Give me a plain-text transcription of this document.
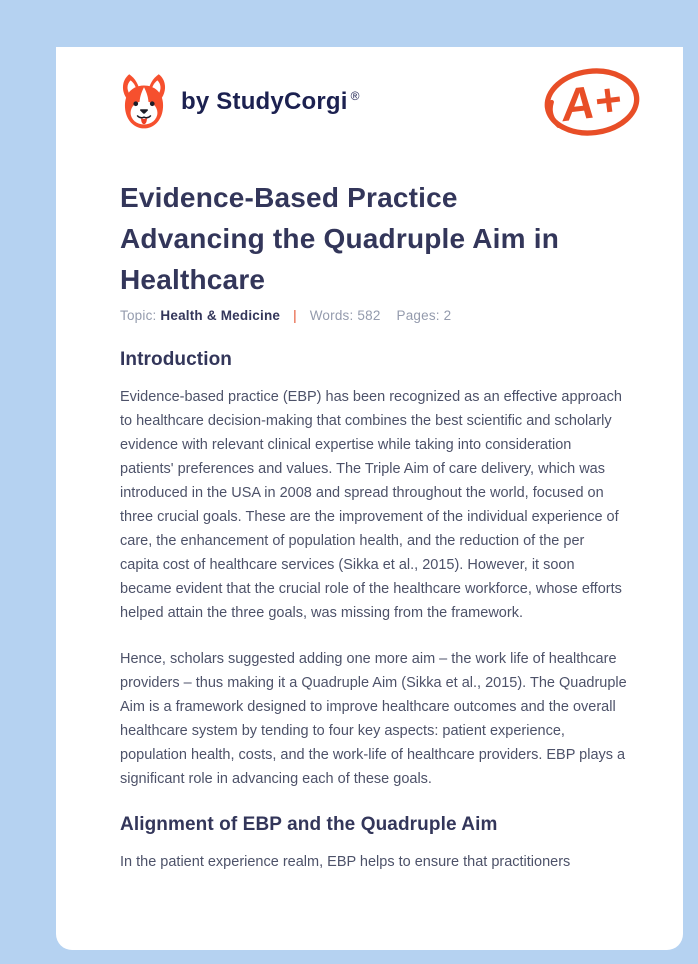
by StudyCorgi ®	A+
Evidence-Based Practice
Advancing the Quadruple Aim in
Healthcare
Topic: Health & Medicine | Words: 582 Pages: 2
Introduction

Evidence-based practice (EBP) has been recognized as an effective approach to healthcare decision-making that combines the best scientific and scholarly evidence with relevant clinical expertise while taking into consideration patients' preferences and values. The Triple Aim of care delivery, which was introduced in the USA in 2008 and spread throughout the world, focused on three crucial goals. These are the improvement of the individual experience of care, the enhancement of population health, and the reduction of the per capita cost of healthcare services (Sikka et al., 2015). However, it soon became evident that the crucial role of the healthcare workforce, whose efforts helped attain the three goals, was missing from the framework.

Hence, scholars suggested adding one more aim – the work life of healthcare providers – thus making it a Quadruple Aim (Sikka et al., 2015). The Quadruple Aim is a framework designed to improve healthcare outcomes and the overall healthcare system by tending to four key aspects: patient experience, population health, costs, and the work-life of healthcare providers. EBP plays a significant role in advancing each of these goals.

Alignment of EBP and the Quadruple Aim

In the patient experience realm, EBP helps to ensure that practitioners
